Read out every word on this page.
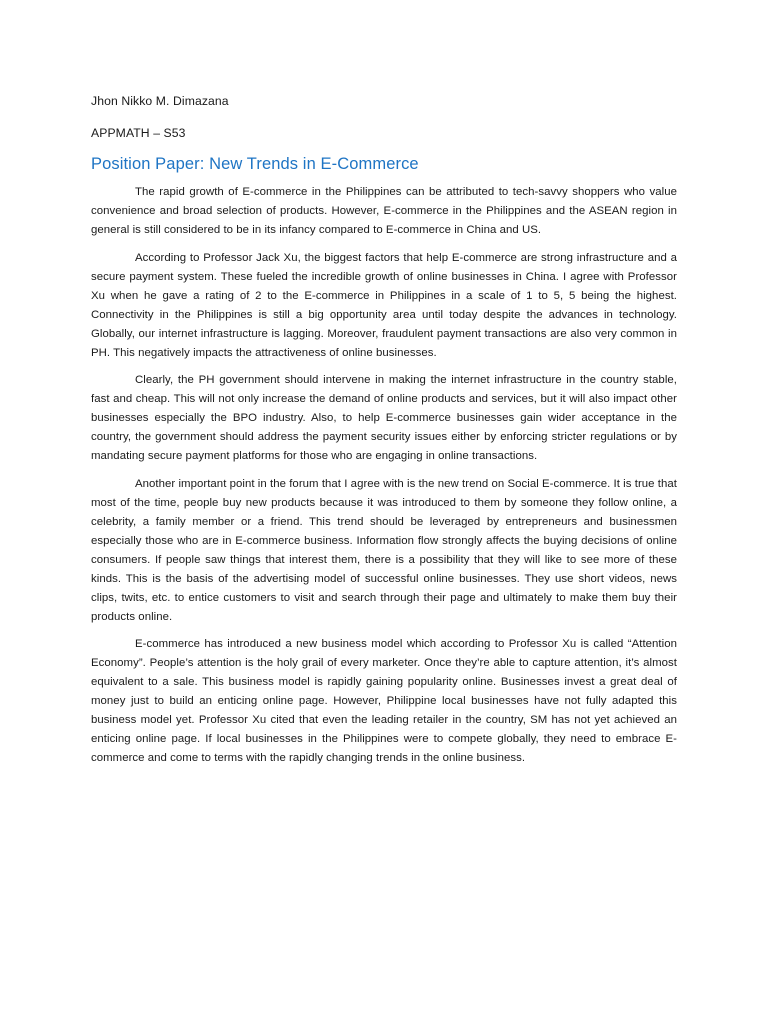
Jhon Nikko M. Dimazana

APPMATH – S53

Position Paper: New Trends in E-Commerce

The rapid growth of E-commerce in the Philippines can be attributed to tech-savvy shoppers who value convenience and broad selection of products. However, E-commerce in the Philippines and the ASEAN region in general is still considered to be in its infancy compared to E-commerce in China and US.

According to Professor Jack Xu, the biggest factors that help E-commerce are strong infrastructure and a secure payment system. These fueled the incredible growth of online businesses in China. I agree with Professor Xu when he gave a rating of 2 to the E-commerce in Philippines in a scale of 1 to 5, 5 being the highest. Connectivity in the Philippines is still a big opportunity area until today despite the advances in technology. Globally, our internet infrastructure is lagging. Moreover, fraudulent payment transactions are also very common in PH. This negatively impacts the attractiveness of online businesses.

Clearly, the PH government should intervene in making the internet infrastructure in the country stable, fast and cheap. This will not only increase the demand of online products and services, but it will also impact other businesses especially the BPO industry. Also, to help E-commerce businesses gain wider acceptance in the country, the government should address the payment security issues either by enforcing stricter regulations or by mandating secure payment platforms for those who are engaging in online transactions.

Another important point in the forum that I agree with is the new trend on Social E-commerce. It is true that most of the time, people buy new products because it was introduced to them by someone they follow online, a celebrity, a family member or a friend. This trend should be leveraged by entrepreneurs and businessmen especially those who are in E-commerce business. Information flow strongly affects the buying decisions of online consumers. If people saw things that interest them, there is a possibility that they will like to see more of these kinds. This is the basis of the advertising model of successful online businesses. They use short videos, news clips, twits, etc. to entice customers to visit and search through their page and ultimately to make them buy their products online.

E-commerce has introduced a new business model which according to Professor Xu is called “Attention Economy”. People’s attention is the holy grail of every marketer. Once they’re able to capture attention, it’s almost equivalent to a sale. This business model is rapidly gaining popularity online. Businesses invest a great deal of money just to build an enticing online page. However, Philippine local businesses have not fully adapted this business model yet. Professor Xu cited that even the leading retailer in the country, SM has not yet achieved an enticing online page. If local businesses in the Philippines were to compete globally, they need to embrace E-commerce and come to terms with the rapidly changing trends in the online business.
